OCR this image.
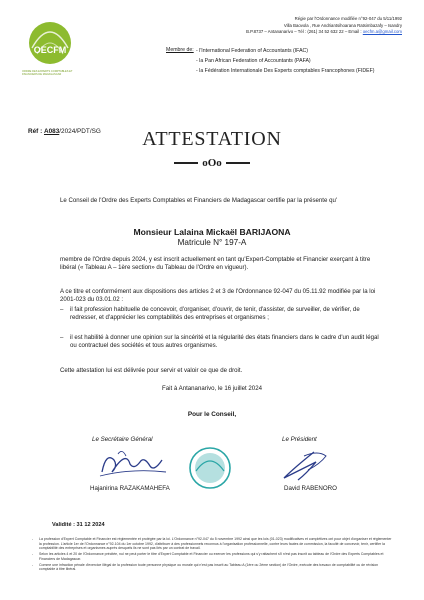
OECFM
ORDRE DES EXPERTS COMPTABLES ET FINANCIERS DE MADAGASCAR
Régie par l'Ordonnance modifiée n°92-047 du 5/11/1992
Villa Baovola , Rue Andriantsihoarana Ratsimbazafy – Isandry
B.P.8737 – Antananarivo – Tél : (261) 34 52 632 22 – Email : oecfm.a@gmail.com
Membre de: - l'International Federation of Accountants (IFAC)
- la Pan African Federation of Accountants (PAFA)
- la Fédération Internationale Des Experts comptables Francophones (FIDEF)
Réf : A083/2024/PDT/SG	ATTESTATION
oOo
Le Conseil de l'Ordre des Experts Comptables et Financiers de Madagascar certifie par la présente qu'
Monsieur Lalaina Mickaël BARIJAONA
Matricule N° 197-A
membre de l'Ordre depuis 2024, y est inscrit actuellement en tant qu'Expert-Comptable et Financier exerçant à titre libéral (« Tableau A – 1ère section» du Tableau de l'Ordre en vigueur).
A ce titre et conformément aux dispositions des articles 2 et 3 de l'Ordonnance 92-047 du 05.11.92 modifiée par la loi 2001-023 du 03.01.02 :
–	il fait profession habituelle de concevoir, d'organiser, d'ouvrir, de tenir, d'assister, de surveiller, de vérifier, de redresser, et d'apprécier les comptabilités des entreprises et organismes ;
–	il est habilité à donner une opinion sur la sincérité et la régularité des états financiers dans le cadre d'un audit légal ou contractuel des sociétés et tous autres organismes.
Cette attestation lui est délivrée pour servir et valoir ce que de droit.
Fait à Antananarivo, le 16 juillet 2024
Pour le Conseil,
Le Secrétaire Général	Le Président
Hajanirina RAZAKAMAHEFA	David RABENORO
Validité : 31 12 2024
-	La profession d'Expert Comptable et Financier est réglementée et protégée par la loi. L'Ordonnance n°92-047 du 5 novembre 1992 ainsi que les lois (01-023) modificatives et complétives ont pour objet d'organiser et réglementer la profession. L'article 1er de l'Ordonnance n°92-104 du 1er octobre 1992, d'attribuer à des professionnels reconnus à l'organisation professionnelle, contre leurs fautes de commission, la faculté de concevoir, tenir, certifier la comptabilité des entreprises et organismes auprès desquels ils ne sont pas liés par un contrat de travail.
-	Selon les articles 4 et 20 de l'Ordonnance précitée, nul ne peut porter le titre d'Expert Comptable et Financier ou exercer les professions qui s'y rattachent s'il n'est pas inscrit au tableau de l'Ordre des Experts Comptables et Financiers de Madagascar.
-	Comme une infraction pénale d'exercice illégal de la profession toute personne physique ou morale qui n'est pas inscrit au Tableau A (1ère ou 2ème section) de l'Ordre, exécute des travaux de comptabilité ou de révision comptable à titre libéral.
